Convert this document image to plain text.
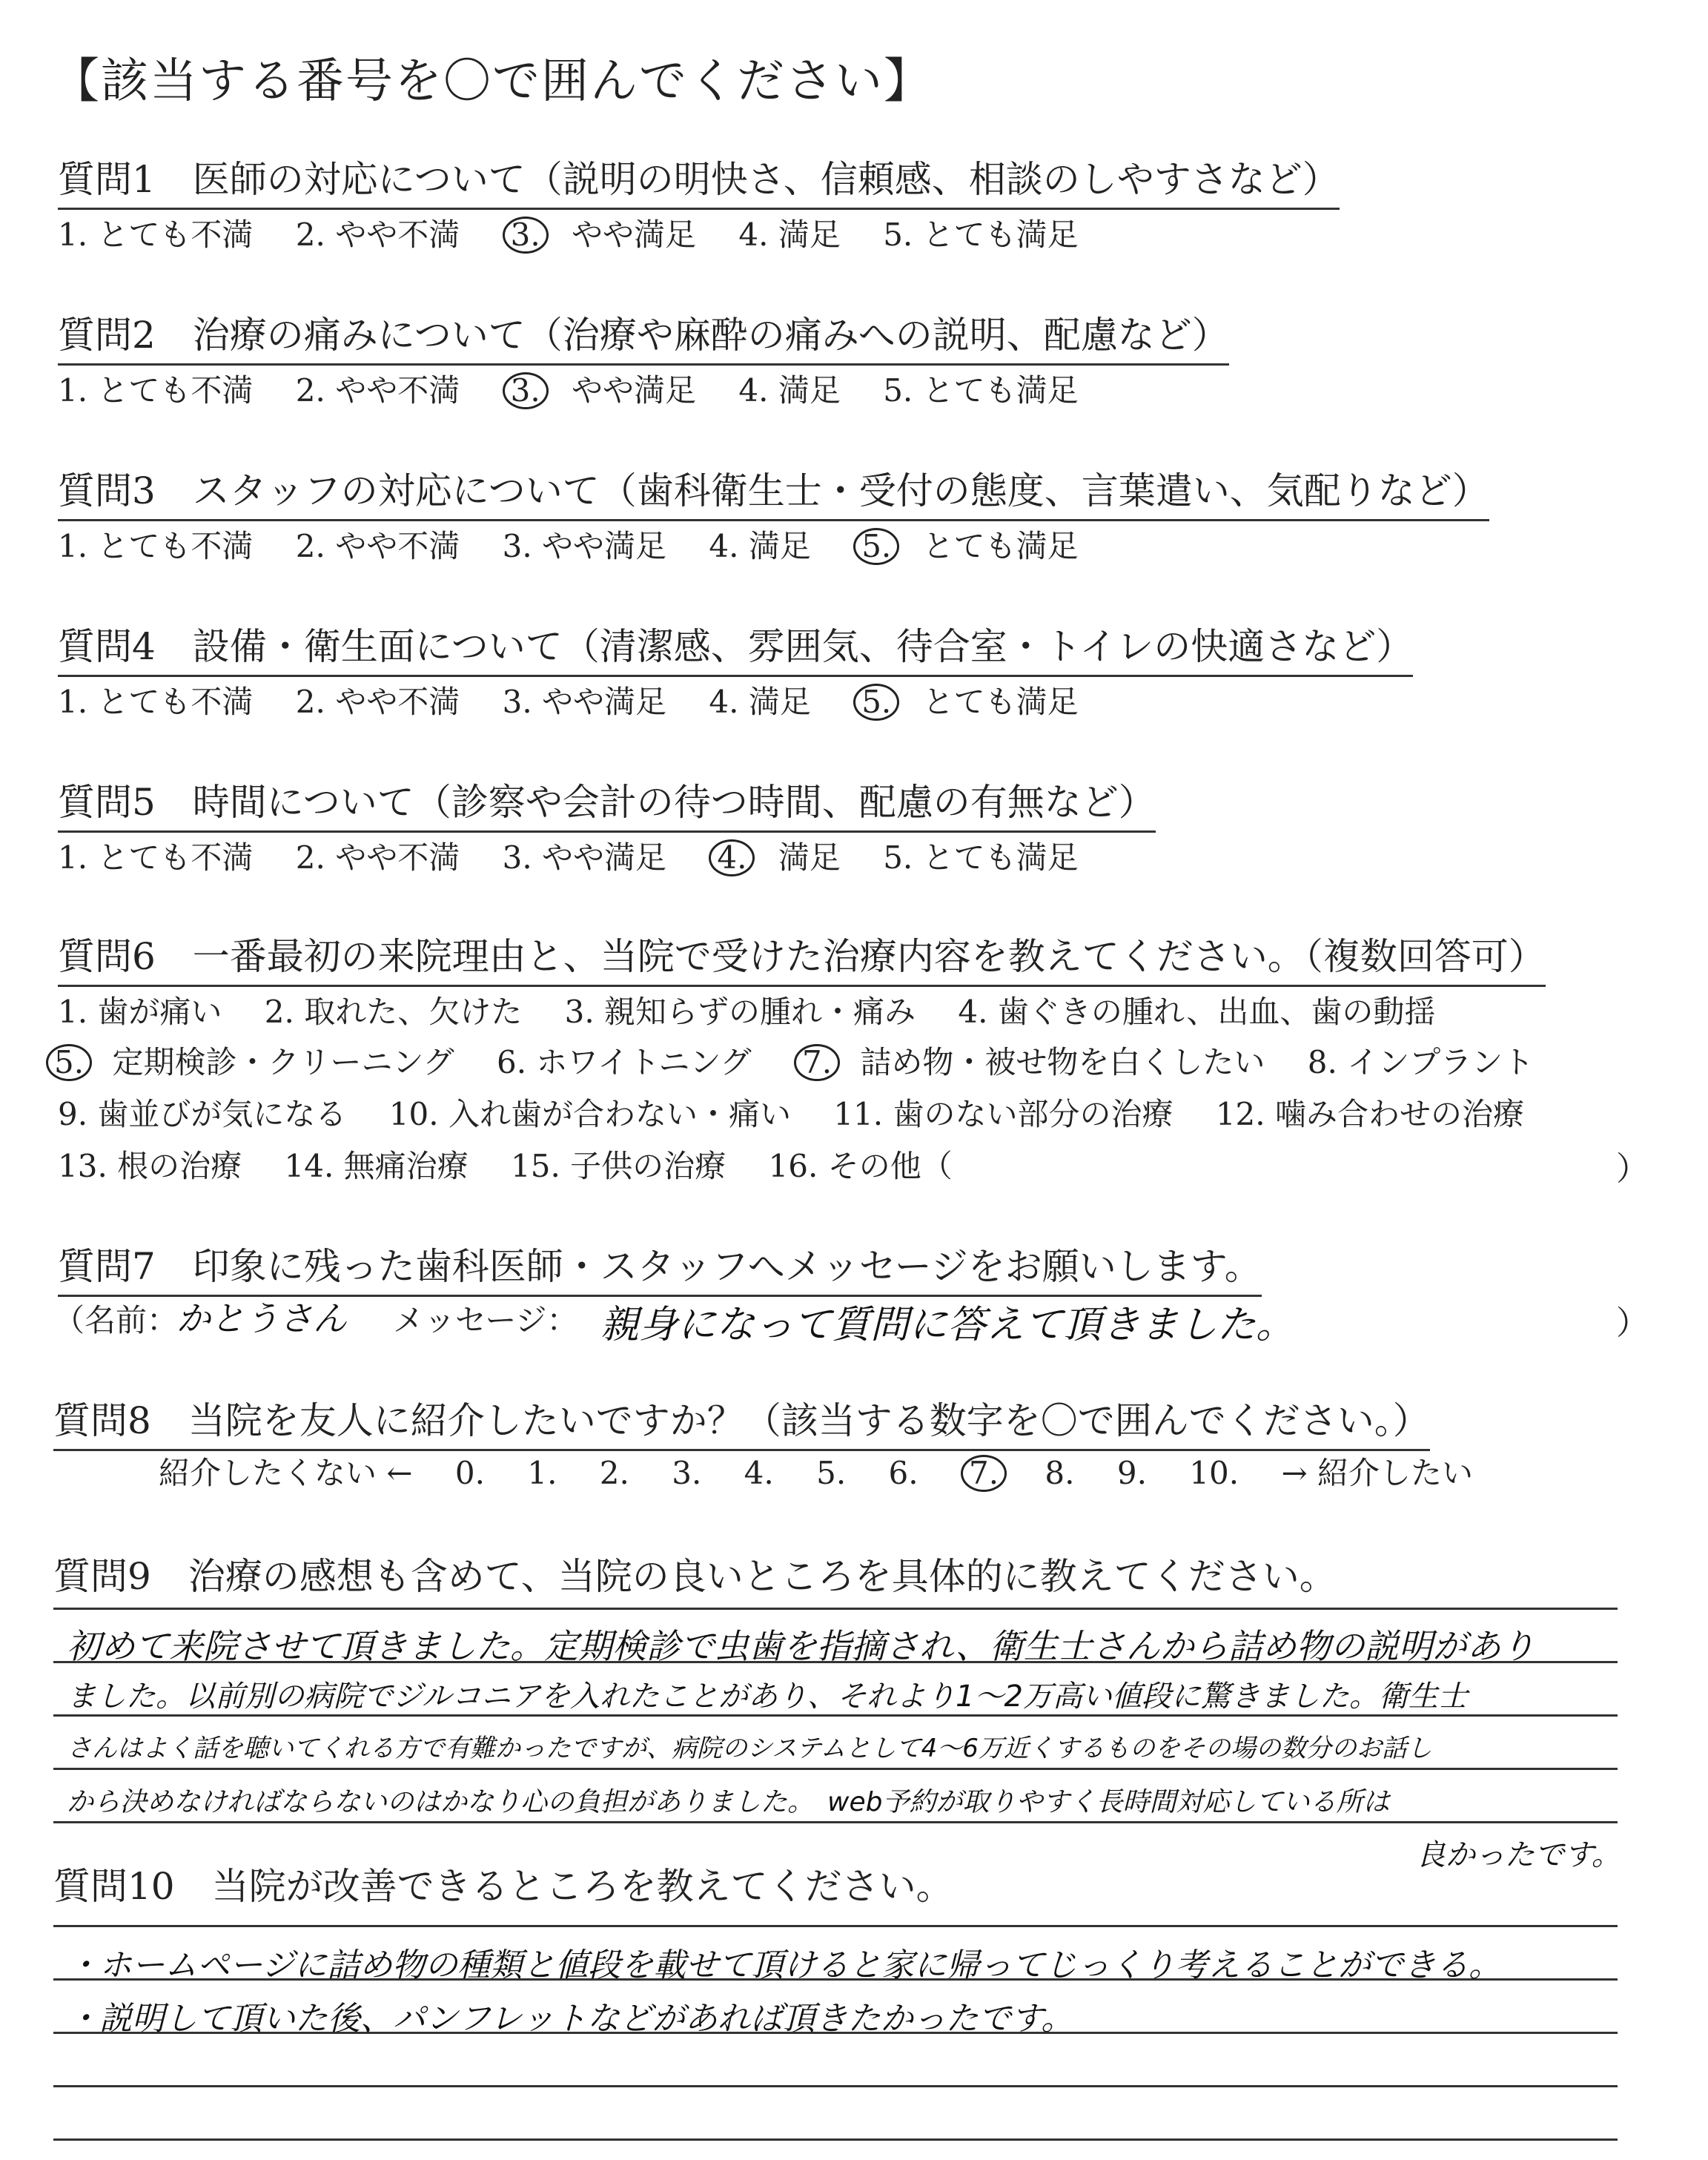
【該当する番号を〇で囲んでください】
質問1　医師の対応について（説明の明快さ、信頼感、相談のしやすさなど）
1. とても不満 2. やや不満 3. やや満足 4. 満足 5. とても満足
質問2　治療の痛みについて（治療や麻酔の痛みへの説明、配慮など）
1. とても不満 2. やや不満 3. やや満足 4. 満足 5. とても満足
質問3　スタッフの対応について（歯科衛生士・受付の態度、言葉遣い、気配りなど）
1. とても不満 2. やや不満 3. やや満足 4. 満足 5. とても満足
質問4　設備・衛生面について（清潔感、雰囲気、待合室・トイレの快適さなど）
1. とても不満 2. やや不満 3. やや満足 4. 満足 5. とても満足
質問5　時間について（診察や会計の待つ時間、配慮の有無など）
1. とても不満 2. やや不満 3. やや満足 4. 満足 5. とても満足
質問6　一番最初の来院理由と、当院で受けた治療内容を教えてください。（複数回答可）
1. 歯が痛い 2. 取れた、欠けた 3. 親知らずの腫れ・痛み 4. 歯ぐきの腫れ、出血、歯の動揺
5. 定期検診・クリーニング 6. ホワイトニング 7. 詰め物・被せ物を白くしたい 8. インプラント
9. 歯並びが気になる 10. 入れ歯が合わない・痛い 11. 歯のない部分の治療 12. 噛み合わせの治療
13. 根の治療 14. 無痛治療 15. 子供の治療 16. その他（	）
質問7　印象に残った歯科医師・スタッフへメッセージをお願いします。
（名前：
かとうさん メッセージ： 親身になって質問に答えて頂きました。	）
質問8　当院を友人に紹介したいですか？（該当する数字を〇で囲んでください。）
紹介したくない ← 0. 1. 2. 3. 4. 5. 6. 7. 8. 9. 10. → 紹介したい
質問9　治療の感想も含めて、当院の良いところを具体的に教えてください。
初めて来院させて頂きました。定期検診で虫歯を指摘され、衛生士さんから詰め物の説明があり
ました。以前別の病院でジルコニアを入れたことがあり、それより1～2万高い値段に驚きました。衛生士
さんはよく話を聴いてくれる方で有難かったですが、病院のシステムとして4～6万近くするものをその場の数分のお話し
から決めなければならないのはかなり心の負担がありました。　web予約が取りやすく長時間対応している所は
良かったです。
質問10　当院が改善できるところを教えてください。
・ホームページに詰め物の種類と値段を載せて頂けると家に帰ってじっくり考えることができる。
・説明して頂いた後、パンフレットなどがあれば頂きたかったです。
